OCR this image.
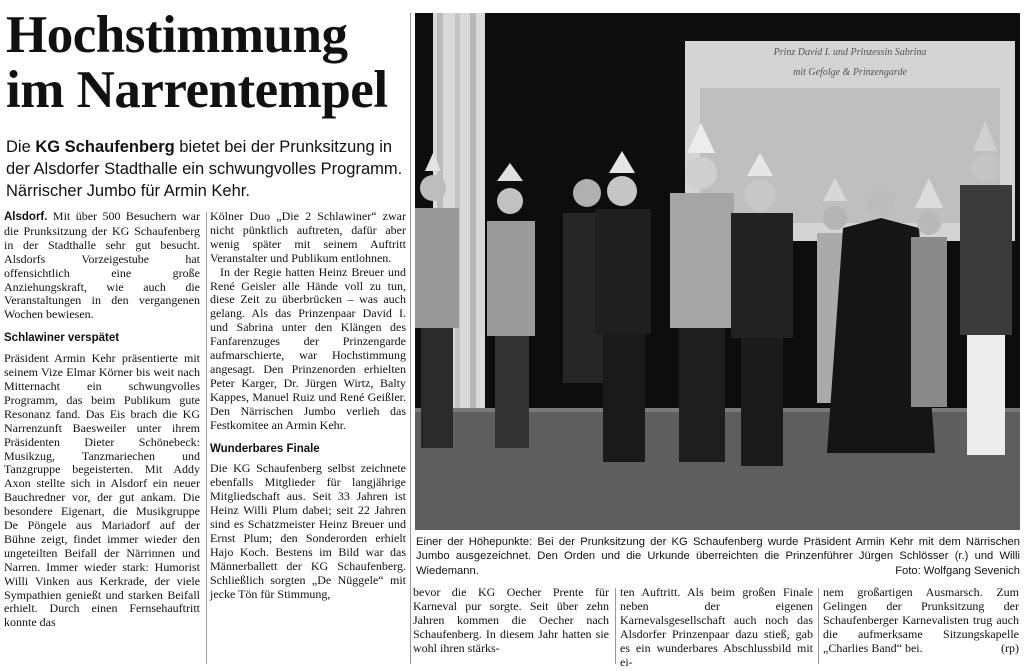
Hochstimmung
im Narrentempel
Die KG Schaufenberg bietet bei der Prunksitzung in der Alsdorfer Stadthalle ein schwungvolles Programm. Närrischer Jumbo für Armin Kehr.

Alsdorf. Mit über 500 Besuchern war die Prunksitzung der KG Schaufenberg in der Stadthalle sehr gut besucht. Alsdorfs Vorzeigestube hat offensichtlich eine große Anziehungskraft, wie auch die Veranstaltungen in den vergangenen Wochen bewiesen.

Schlawiner verspätet

Präsident Armin Kehr präsentierte mit seinem Vize Elmar Körner bis weit nach Mitternacht ein schwungvolles Programm, das beim Publikum gute Resonanz fand. Das Eis brach die KG Narrenzunft Baesweiler unter ihrem Präsidenten Dieter Schönebeck: Musikzug, Tanzmariechen und Tanzgruppe begeisterten. Mit Addy Axon stellte sich in Alsdorf ein neuer Bauchredner vor, der gut ankam. Die besondere Eigenart, die Musikgruppe De Pöngele aus Mariadorf auf der Bühne zeigt, findet immer wieder den ungeteilten Beifall der Närrinnen und Narren. Immer wieder stark: Humorist Willi Vinken aus Kerkrade, der viele Sympathien genießt und starken Beifall erhielt. Durch einen Fernsehauftritt konnte das

Kölner Duo „Die 2 Schlawiner“ zwar nicht pünktlich auftreten, dafür aber wenig später mit seinem Auftritt Veranstalter und Publikum entlohnen.

In der Regie hatten Heinz Breuer und René Geisler alle Hände voll zu tun, diese Zeit zu überbrücken – was auch gelang. Als das Prinzenpaar David I. und Sabrina unter den Klängen des Fanfarenzuges der Prinzengarde aufmarschierte, war Hochstimmung angesagt. Den Prinzenorden erhielten Peter Karger, Dr. Jürgen Wirtz, Balty Kappes, Manuel Ruiz und René Geißler. Den Närrischen Jumbo verlieh das Festkomitee an Armin Kehr.

Wunderbares Finale

Die KG Schaufenberg selbst zeichnete ebenfalls Mitglieder für langjährige Mitgliedschaft aus. Seit 33 Jahren ist Heinz Willi Plum dabei; seit 22 Jahren sind es Schatzmeister Heinz Breuer und Ernst Plum; den Sonderorden erhielt Hajo Koch. Bestens im Bild war das Männerballett der KG Schaufenberg. Schließlich sorgten „De Nüggele“ mit jecke Tön für Stimmung,

Prinz David I. und Prinzessin Sabrina
mit Gefolge & Prinzengarde
Einer der Höhepunkte: Bei der Prunksitzung der KG Schaufenberg wurde Präsident Armin Kehr mit dem Närrischen Jumbo ausgezeichnet. Den Orden und die Urkunde überreichten die Prinzenführer Jürgen Schlösser (r.) und Willi Wiedemann.	Foto: Wolfgang Sevenich

bevor die KG Oecher Prente für Karneval pur sorgte. Seit über zehn Jahren kommen die Oecher nach Schaufenberg. In diesem Jahr hatten sie wohl ihren stärks-

ten Auftritt. Als beim großen Finale neben der eigenen Karnevalsgesellschaft auch noch das Alsdorfer Prinzenpaar dazu stieß, gab es ein wunderbares Abschlussbild mit ei-

nem großartigen Ausmarsch. Zum Gelingen der Prunksitzung der Schaufenberger Karnevalisten trug auch die aufmerksame Sitzungskapelle „Charlies Band“ bei.	(rp)
